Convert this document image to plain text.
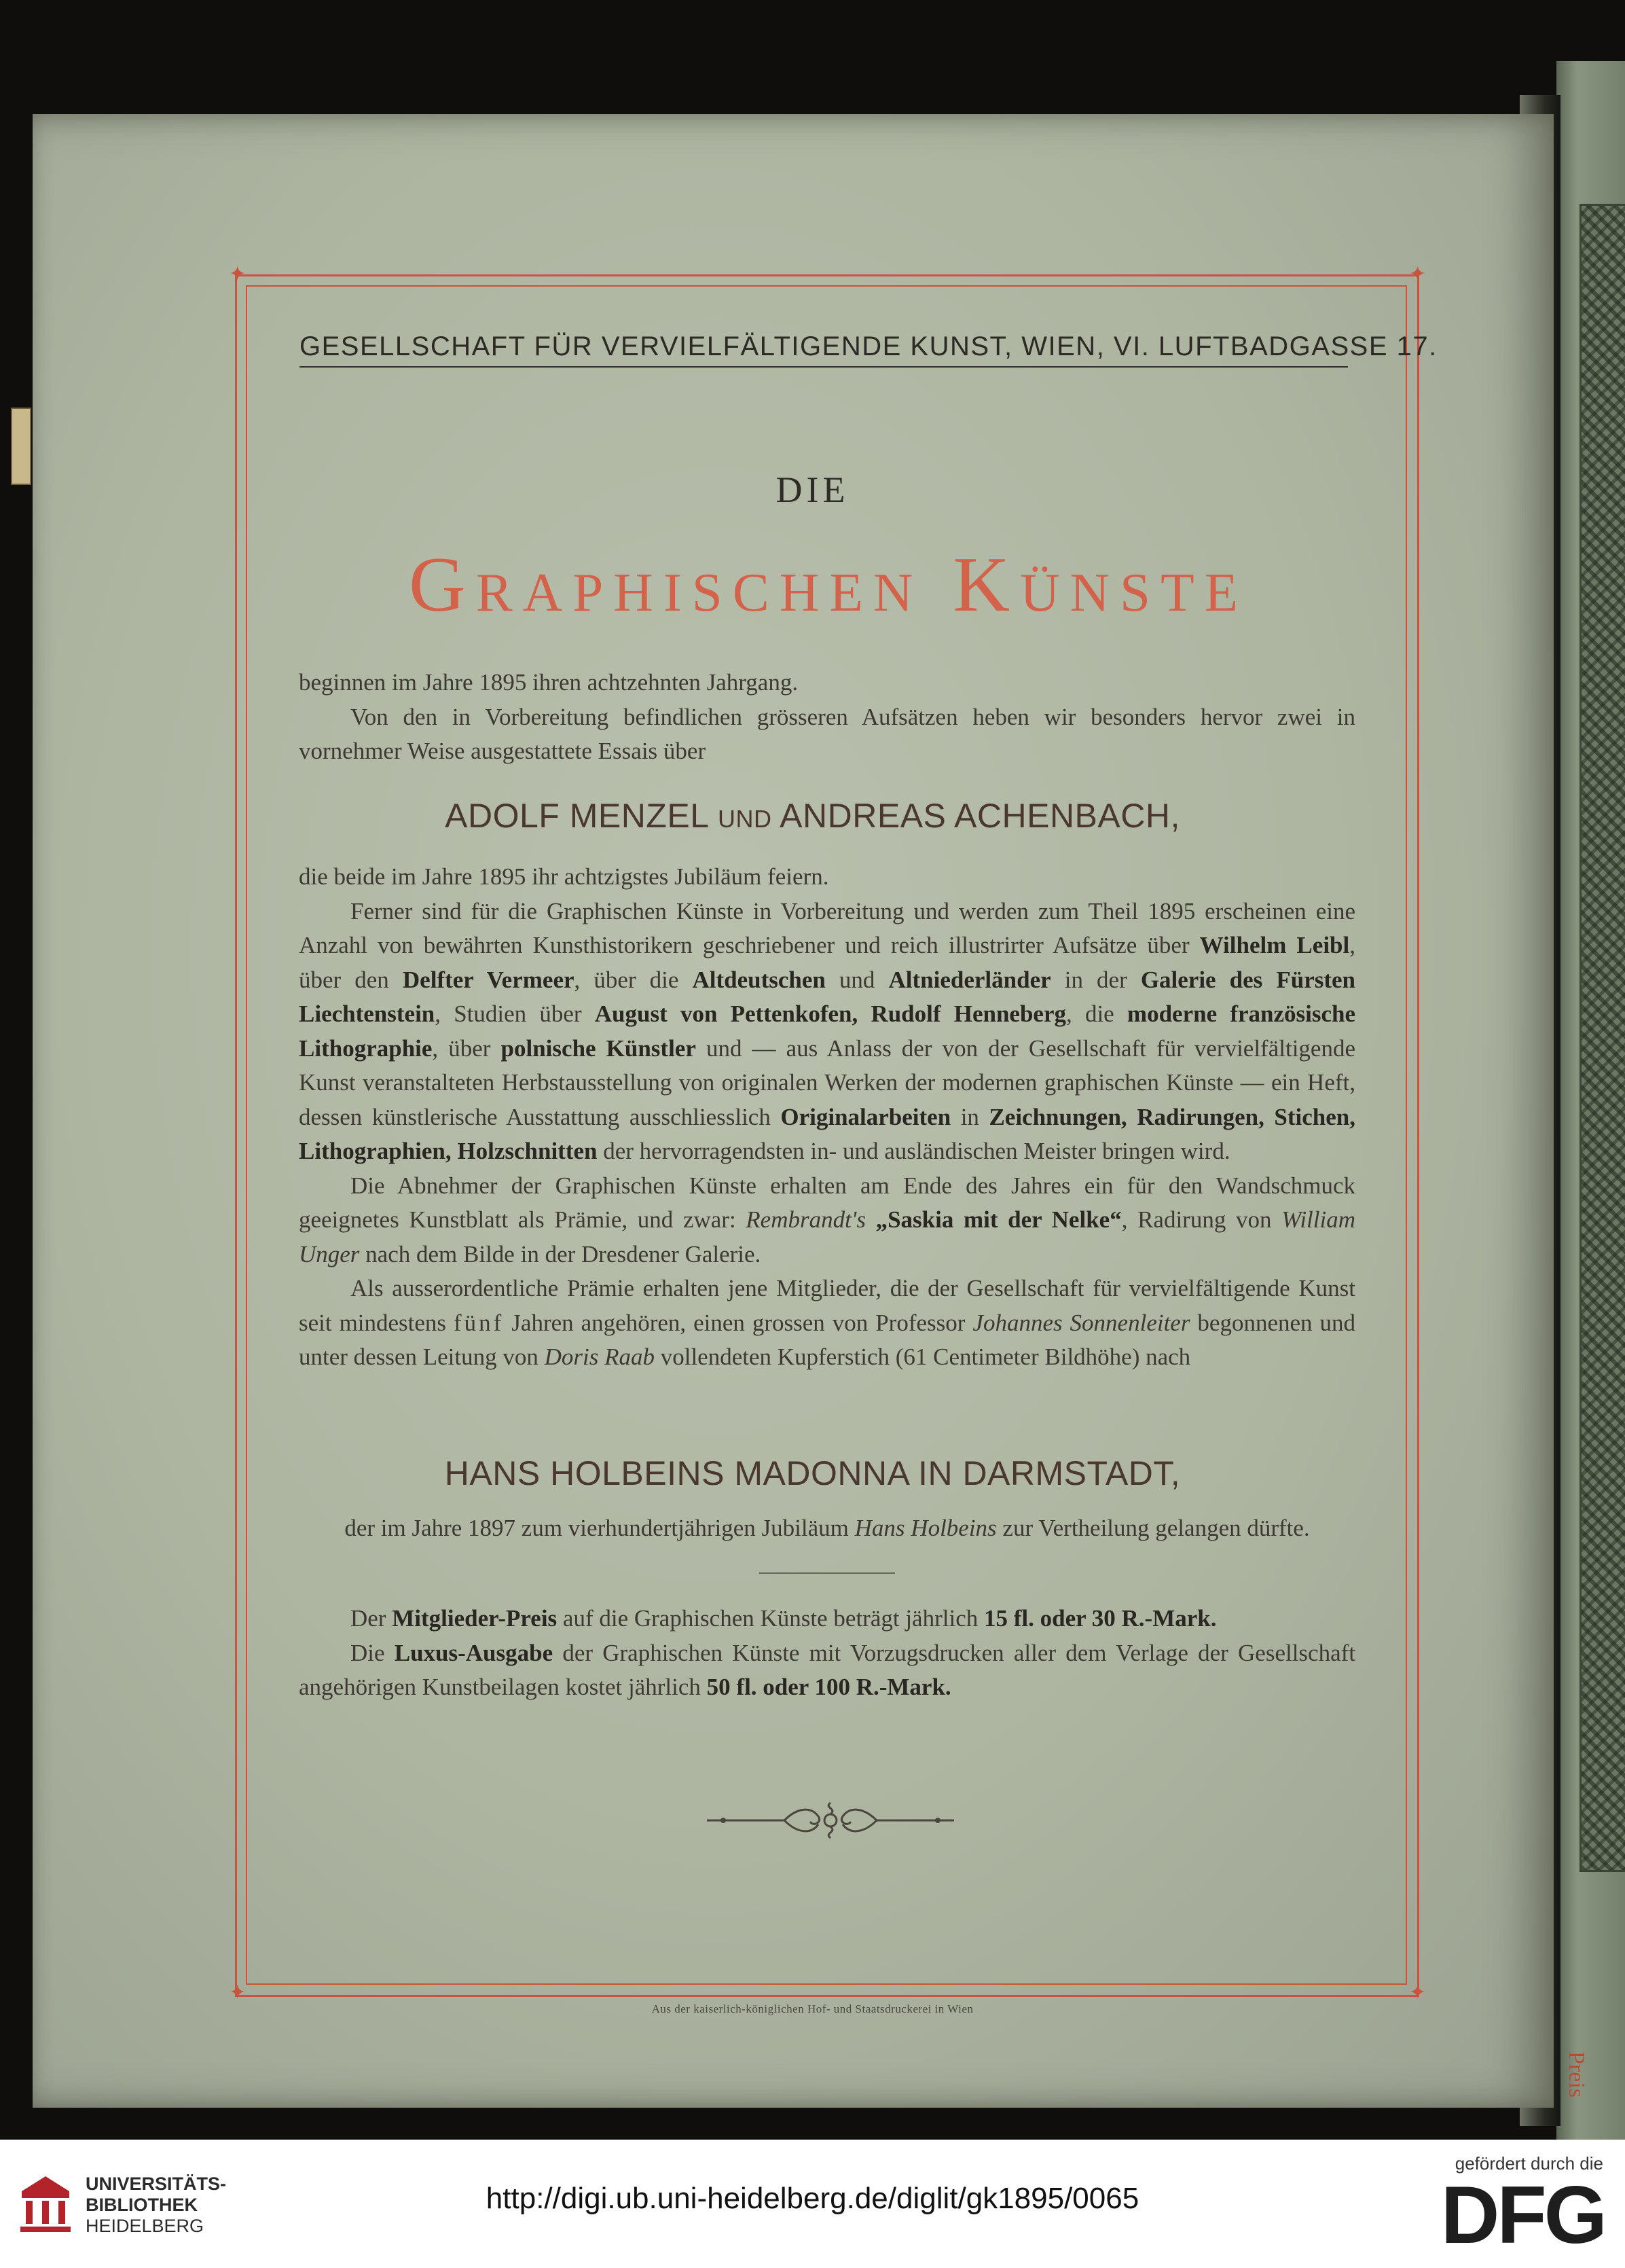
Preis
✦	✦
✦	✦
GESELLSCHAFT FÜR VERVIELFÄLTIGENDE KUNST, WIEN, VI. LUFTBADGASSE 17.
DIE
Graphischen Künste
beginnen im Jahre 1895 ihren achtzehnten Jahrgang.
Von den in Vorbereitung befindlichen grösseren Aufsätzen heben wir besonders hervor zwei in vornehmer Weise ausgestattete Essais über
ADOLF MENZEL UND ANDREAS ACHENBACH,
die beide im Jahre 1895 ihr achtzigstes Jubiläum feiern.
Ferner sind für die Graphischen Künste in Vorbereitung und werden zum Theil 1895 erscheinen eine Anzahl von bewährten Kunsthistorikern geschriebener und reich illustrirter Aufsätze über Wilhelm Leibl, über den Delfter Vermeer, über die Altdeutschen und Altniederländer in der Galerie des Fürsten Liechtenstein, Studien über August von Pettenkofen, Rudolf Henneberg, die moderne französische Lithographie, über polnische Künstler und — aus Anlass der von der Gesellschaft für vervielfältigende Kunst veranstalteten Herbstausstellung von originalen Werken der modernen graphischen Künste — ein Heft, dessen künstlerische Ausstattung ausschliesslich Originalarbeiten in Zeichnungen, Radirungen, Stichen, Lithographien, Holzschnitten der hervorragendsten in- und ausländischen Meister bringen wird.
Die Abnehmer der Graphischen Künste erhalten am Ende des Jahres ein für den Wandschmuck geeignetes Kunstblatt als Prämie, und zwar: Rembrandt's „Saskia mit der Nelke“, Radirung von William Unger nach dem Bilde in der Dresdener Galerie.
Als ausserordentliche Prämie erhalten jene Mitglieder, die der Gesellschaft für vervielfältigende Kunst seit mindestens fünf Jahren angehören, einen grossen von Professor Johannes Sonnenleiter begonnenen und unter dessen Leitung von Doris Raab vollendeten Kupferstich (61 Centimeter Bildhöhe) nach
HANS HOLBEINS MADONNA IN DARMSTADT,
der im Jahre 1897 zum vierhundertjährigen Jubiläum Hans Holbeins zur Vertheilung gelangen dürfte.
Der Mitglieder-Preis auf die Graphischen Künste beträgt jährlich 15 fl. oder 30 R.-Mark.
Die Luxus-Ausgabe der Graphischen Künste mit Vorzugsdrucken aller dem Verlage der Gesellschaft angehörigen Kunstbeilagen kostet jährlich 50 fl. oder 100 R.-Mark.
Aus der kaiserlich-königlichen Hof- und Staatsdruckerei in Wien
UNIVERSITÄTS-
BIBLIOTHEK
HEIDELBERG
http://digi.ub.uni-heidelberg.de/diglit/gk1895/0065
gefördert durch die
DFG
